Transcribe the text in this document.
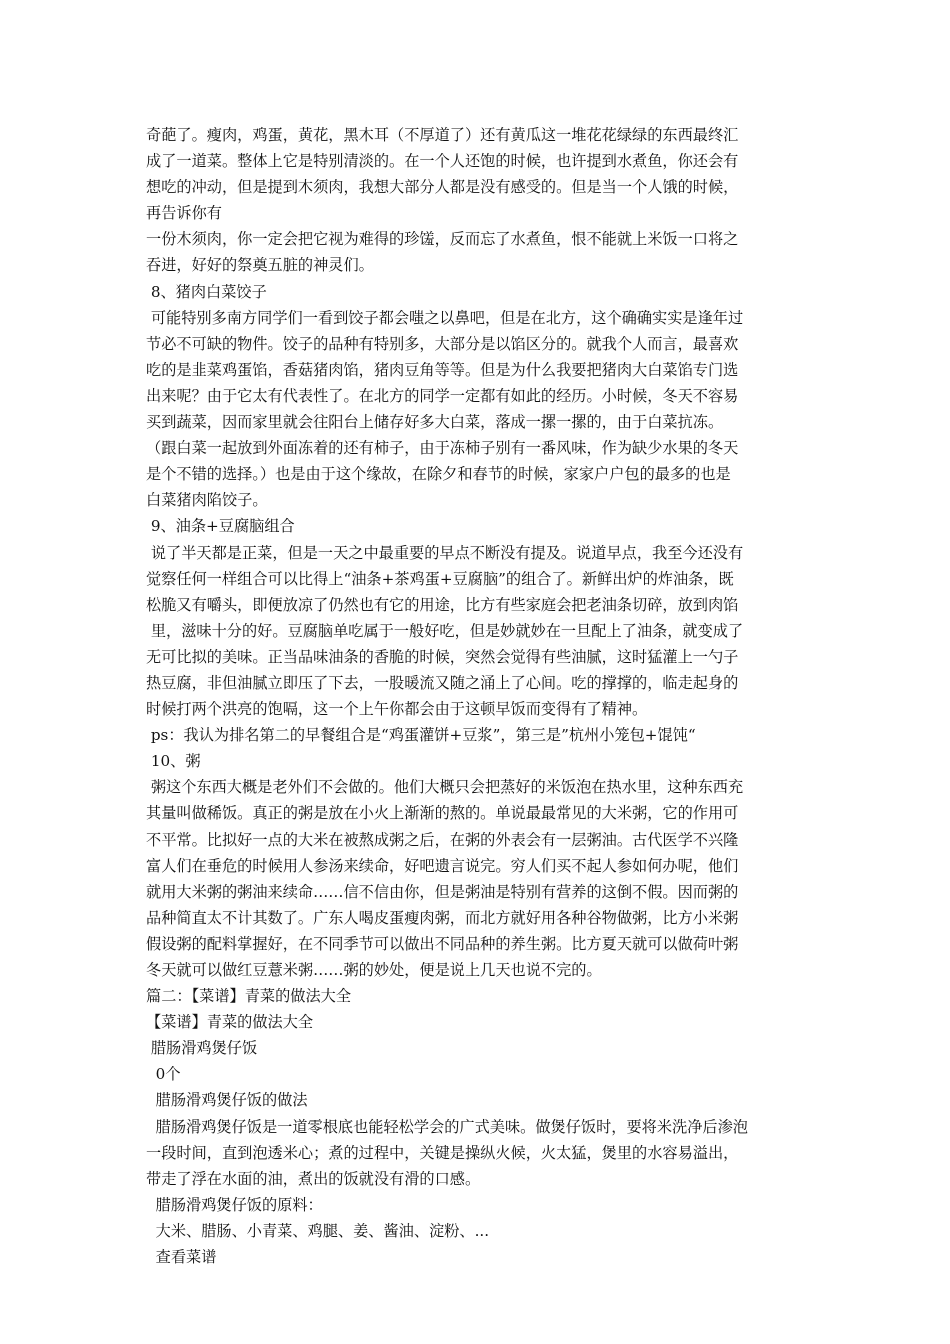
奇葩了。瘦肉，鸡蛋，黄花，黑木耳（不厚道了）还有黄瓜这一堆花花绿绿的东西最终汇
成了一道菜。整体上它是特别清淡的。在一个人还饱的时候，也许提到水煮鱼，你还会有
想吃的冲动，但是提到木须肉，我想大部分人都是没有感受的。但是当一个人饿的时候，
再告诉你有
一份木须肉，你一定会把它视为难得的珍馐，反而忘了水煮鱼，恨不能就上米饭一口将之
吞进，好好的祭奠五脏的神灵们。
8、猪肉白菜饺子
可能特别多南方同学们一看到饺子都会嗤之以鼻吧，但是在北方，这个确确实实是逢年过
节必不可缺的物件。饺子的品种有特别多，大部分是以馅区分的。就我个人而言，最喜欢
吃的是韭菜鸡蛋馅，香菇猪肉馅，猪肉豆角等等。但是为什么我要把猪肉大白菜馅专门选
出来呢？由于它太有代表性了。在北方的同学一定都有如此的经历。小时候，冬天不容易
买到蔬菜，因而家里就会往阳台上储存好多大白菜，落成一摞一摞的，由于白菜抗冻。
（跟白菜一起放到外面冻着的还有柿子，由于冻柿子别有一番风味，作为缺少水果的冬天
是个不错的选择。）也是由于这个缘故，在除夕和春节的时候，家家户户包的最多的也是
白菜猪肉陷饺子。
9、油条+豆腐脑组合
说了半天都是正菜，但是一天之中最重要的早点不断没有提及。说道早点，我至今还没有
觉察任何一样组合可以比得上“油条+茶鸡蛋+豆腐脑”的组合了。新鲜出炉的炸油条，既
松脆又有嚼头，即便放凉了仍然也有它的用途，比方有些家庭会把老油条切碎，放到肉馅
里，滋味十分的好。豆腐脑单吃属于一般好吃，但是妙就妙在一旦配上了油条，就变成了
无可比拟的美味。正当品味油条的香脆的时候，突然会觉得有些油腻，这时猛灌上一勺子
热豆腐，非但油腻立即压了下去，一股暖流又随之涌上了心间。吃的撑撑的，临走起身的
时候打两个洪亮的饱嗝，这一个上午你都会由于这顿早饭而变得有了精神。
ps：我认为排名第二的早餐组合是“鸡蛋灌饼+豆浆”，第三是”杭州小笼包+馄饨“
10、粥
粥这个东西大概是老外们不会做的。他们大概只会把蒸好的米饭泡在热水里，这种东西充
其量叫做稀饭。真正的粥是放在小火上渐渐的熬的。单说最最常见的大米粥，它的作用可
不平常。比拟好一点的大米在被熬成粥之后，在粥的外表会有一层粥油。古代医学不兴隆
富人们在垂危的时候用人参汤来续命，好吧遗言说完。穷人们买不起人参如何办呢，他们
就用大米粥的粥油来续命……信不信由你，但是粥油是特别有营养的这倒不假。因而粥的
品种简直太不计其数了。广东人喝皮蛋瘦肉粥，而北方就好用各种谷物做粥，比方小米粥
假设粥的配料掌握好，在不同季节可以做出不同品种的养生粥。比方夏天就可以做荷叶粥
冬天就可以做红豆薏米粥……粥的妙处，便是说上几天也说不完的。
篇二：【菜谱】青菜的做法大全
【菜谱】青菜的做法大全
腊肠滑鸡煲仔饭
0个
腊肠滑鸡煲仔饭的做法
腊肠滑鸡煲仔饭是一道零根底也能轻松学会的广式美味。做煲仔饭时，要将米洗净后渗泡
一段时间，直到泡透米心；煮的过程中，关键是操纵火候，火太猛，煲里的水容易溢出，
带走了浮在水面的油，煮出的饭就没有滑的口感。
腊肠滑鸡煲仔饭的原料：
大米、腊肠、小青菜、鸡腿、姜、酱油、淀粉、...
查看菜谱
